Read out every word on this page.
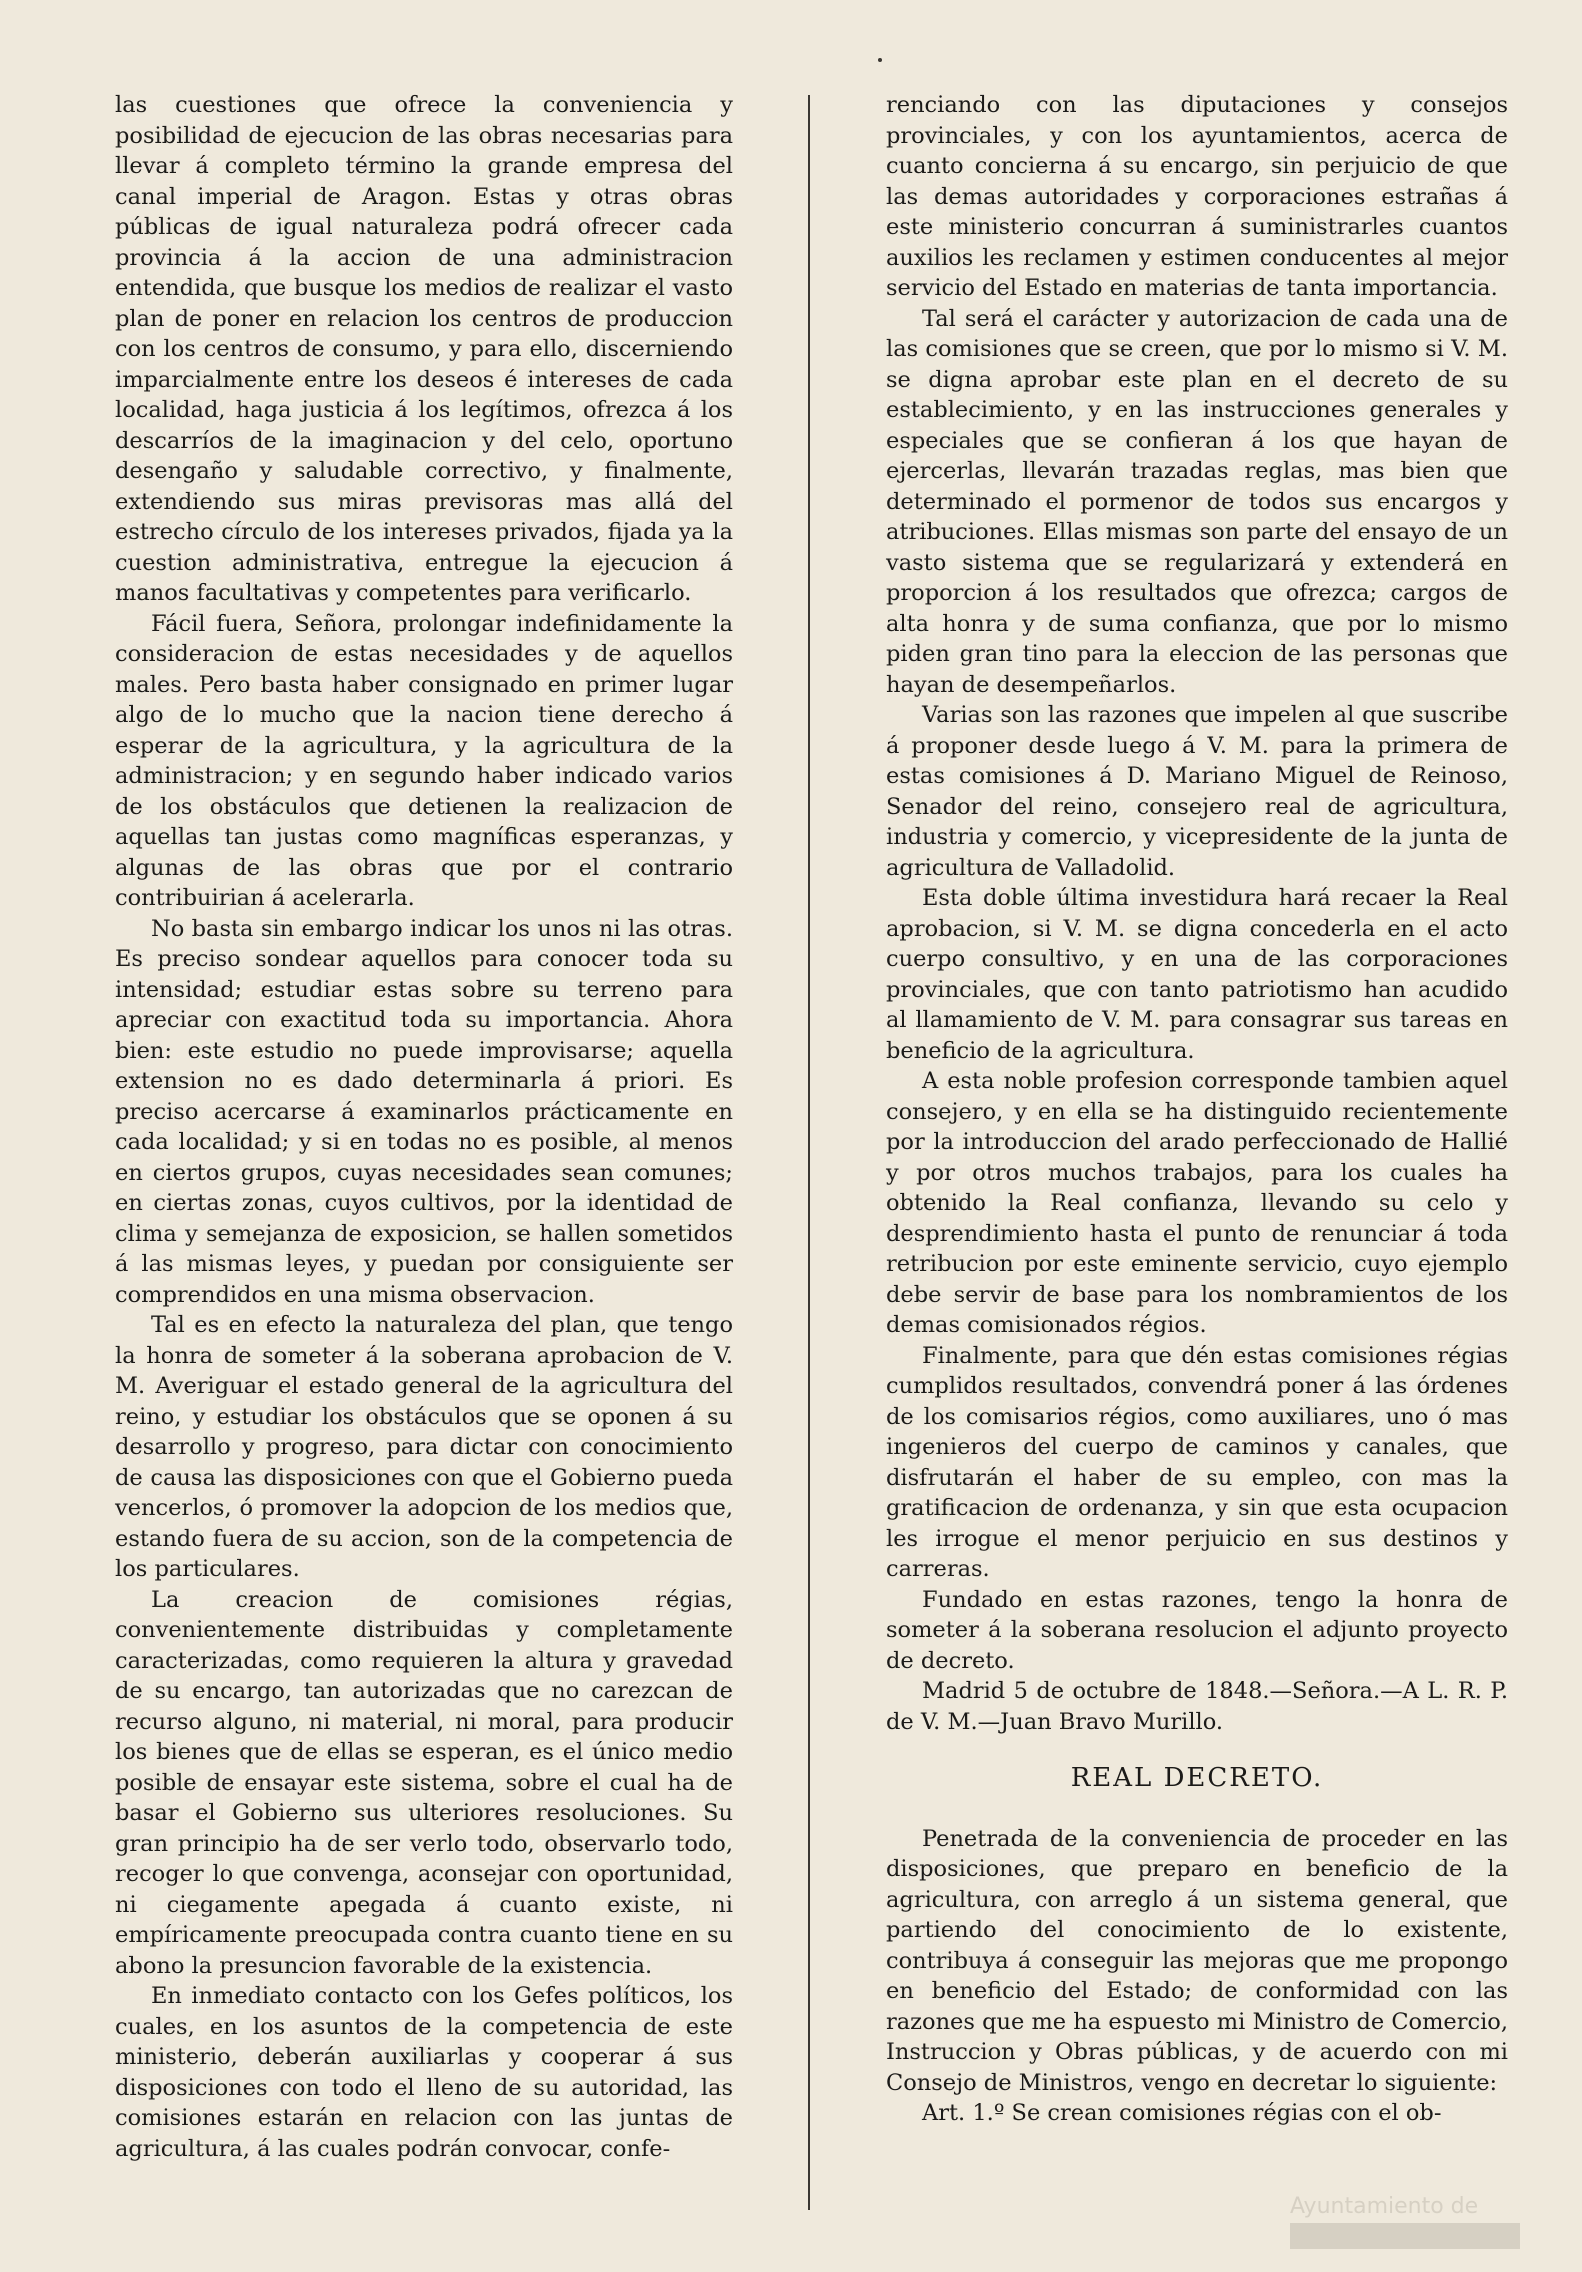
las cuestiones que ofrece la conveniencia y posibilidad de ejecucion de las obras necesarias para llevar á completo término la grande empresa del canal imperial de Aragon. Estas y otras obras públicas de igual naturaleza podrá ofrecer cada provincia á la accion de una administracion entendida, que busque los medios de realizar el vasto plan de poner en relacion los centros de produccion con los centros de consumo, y para ello, discerniendo imparcialmente entre los deseos é intereses de cada localidad, haga justicia á los legítimos, ofrezca á los descarríos de la imaginacion y del celo, oportuno desengaño y saludable correctivo, y finalmente, extendiendo sus miras previsoras mas allá del estrecho círculo de los intereses privados, fijada ya la cuestion administrativa, entregue la ejecucion á manos facultativas y competentes para verificarlo.

Fácil fuera, Señora, prolongar indefinidamente la consideracion de estas necesidades y de aquellos males. Pero basta haber consignado en primer lugar algo de lo mucho que la nacion tiene derecho á esperar de la agricultura, y la agricultura de la administracion; y en segundo haber indicado varios de los obstáculos que detienen la realizacion de aquellas tan justas como magníficas esperanzas, y algunas de las obras que por el contrario contribuirian á acelerarla.

No basta sin embargo indicar los unos ni las otras. Es preciso sondear aquellos para conocer toda su intensidad; estudiar estas sobre su terreno para apreciar con exactitud toda su importancia. Ahora bien: este estudio no puede improvisarse; aquella extension no es dado determinarla á priori. Es preciso acercarse á examinarlos prácticamente en cada localidad; y si en todas no es posible, al menos en ciertos grupos, cuyas necesidades sean comunes; en ciertas zonas, cuyos cultivos, por la identidad de clima y semejanza de exposicion, se hallen sometidos á las mismas leyes, y puedan por consiguiente ser comprendidos en una misma observacion.

Tal es en efecto la naturaleza del plan, que tengo la honra de someter á la soberana aprobacion de V. M. Averiguar el estado general de la agricultura del reino, y estudiar los obstáculos que se oponen á su desarrollo y progreso, para dictar con conocimiento de causa las disposiciones con que el Gobierno pueda vencerlos, ó promover la adopcion de los medios que, estando fuera de su accion, son de la competencia de los particulares.

La creacion de comisiones régias, convenientemente distribuidas y completamente caracterizadas, como requieren la altura y gravedad de su encargo, tan autorizadas que no carezcan de recurso alguno, ni material, ni moral, para producir los bienes que de ellas se esperan, es el único medio posible de ensayar este sistema, sobre el cual ha de basar el Gobierno sus ulteriores resoluciones. Su gran principio ha de ser verlo todo, observarlo todo, recoger lo que convenga, aconsejar con oportunidad, ni ciegamente apegada á cuanto existe, ni empíricamente preocupada contra cuanto tiene en su abono la presuncion favorable de la existencia.

En inmediato contacto con los Gefes políticos, los cuales, en los asuntos de la competencia de este ministerio, deberán auxiliarlas y cooperar á sus disposiciones con todo el lleno de su autoridad, las comisiones estarán en relacion con las juntas de agricultura, á las cuales podrán convocar, confe-

renciando con las diputaciones y consejos provinciales, y con los ayuntamientos, acerca de cuanto concierna á su encargo, sin perjuicio de que las demas autoridades y corporaciones estrañas á este ministerio concurran á suministrarles cuantos auxilios les reclamen y estimen conducentes al mejor servicio del Estado en materias de tanta importancia.

Tal será el carácter y autorizacion de cada una de las comisiones que se creen, que por lo mismo si V. M. se digna aprobar este plan en el decreto de su establecimiento, y en las instrucciones generales y especiales que se confieran á los que hayan de ejercerlas, llevarán trazadas reglas, mas bien que determinado el pormenor de todos sus encargos y atribuciones. Ellas mismas son parte del ensayo de un vasto sistema que se regularizará y extenderá en proporcion á los resultados que ofrezca; cargos de alta honra y de suma confianza, que por lo mismo piden gran tino para la eleccion de las personas que hayan de desempeñarlos.

Varias son las razones que impelen al que suscribe á proponer desde luego á V. M. para la primera de estas comisiones á D. Mariano Miguel de Reinoso, Senador del reino, consejero real de agricultura, industria y comercio, y vicepresidente de la junta de agricultura de Valladolid.

Esta doble última investidura hará recaer la Real aprobacion, si V. M. se digna concederla en el acto cuerpo consultivo, y en una de las corporaciones provinciales, que con tanto patriotismo han acudido al llamamiento de V. M. para consagrar sus tareas en beneficio de la agricultura.

A esta noble profesion corresponde tambien aquel consejero, y en ella se ha distinguido recientemente por la introduccion del arado perfeccionado de Hallié y por otros muchos trabajos, para los cuales ha obtenido la Real confianza, llevando su celo y desprendimiento hasta el punto de renunciar á toda retribucion por este eminente servicio, cuyo ejemplo debe servir de base para los nombramientos de los demas comisionados régios.

Finalmente, para que dén estas comisiones régias cumplidos resultados, convendrá poner á las órdenes de los comisarios régios, como auxiliares, uno ó mas ingenieros del cuerpo de caminos y canales, que disfrutarán el haber de su empleo, con mas la gratificacion de ordenanza, y sin que esta ocupacion les irrogue el menor perjuicio en sus destinos y carreras.

Fundado en estas razones, tengo la honra de someter á la soberana resolucion el adjunto proyecto de decreto.

Madrid 5 de octubre de 1848.—Señora.—A L. R. P. de V. M.—Juan Bravo Murillo.

REAL DECRETO.

Penetrada de la conveniencia de proceder en las disposiciones, que preparo en beneficio de la agricultura, con arreglo á un sistema general, que partiendo del conocimiento de lo existente, contribuya á conseguir las mejoras que me propongo en beneficio del Estado; de conformidad con las razones que me ha espuesto mi Ministro de Comercio, Instruccion y Obras públicas, y de acuerdo con mi Consejo de Ministros, vengo en decretar lo siguiente:

Art. 1.º Se crean comisiones régias con el ob-

Ayuntamiento de
